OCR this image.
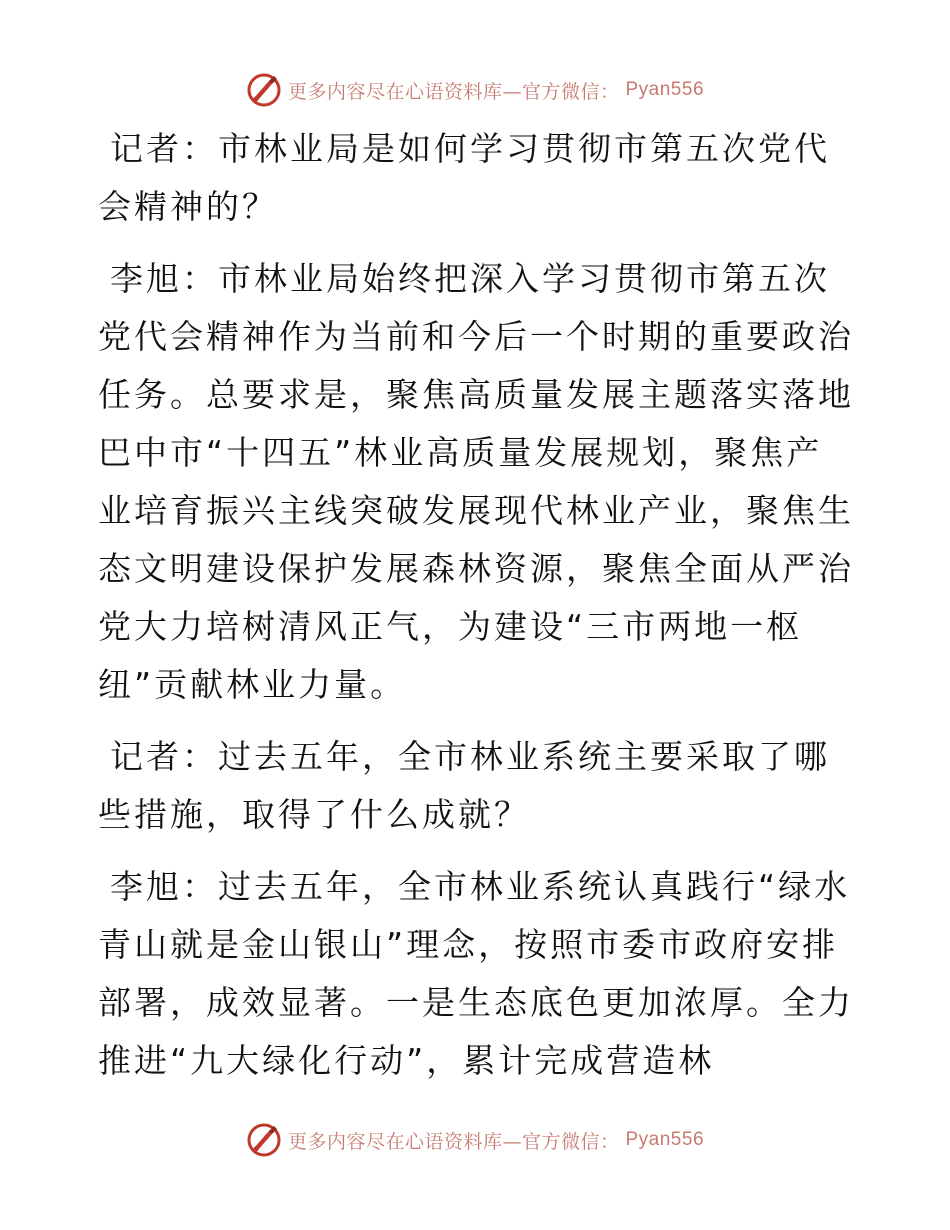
更多内容尽在心语资料库—官方微信： Pyan556

记者：市林业局是如何学习贯彻市第五次党代会精神的？

李旭：市林业局始终把深入学习贯彻市第五次党代会精神作为当前和今后一个时期的重要政治任务。总要求是，聚焦高质量发展主题落实落地巴中市“十四五”林业高质量发展规划，聚焦产业培育振兴主线突破发展现代林业产业，聚焦生态文明建设保护发展森林资源，聚焦全面从严治党大力培树清风正气，为建设“三市两地一枢纽”贡献林业力量。

记者：过去五年，全市林业系统主要采取了哪些措施，取得了什么成就？

李旭：过去五年，全市林业系统认真践行“绿水青山就是金山银山”理念，按照市委市政府安排部署，成效显著。一是生态底色更加浓厚。全力推进“九大绿化行动”，累计完成营造林

更多内容尽在心语资料库—官方微信： Pyan556
